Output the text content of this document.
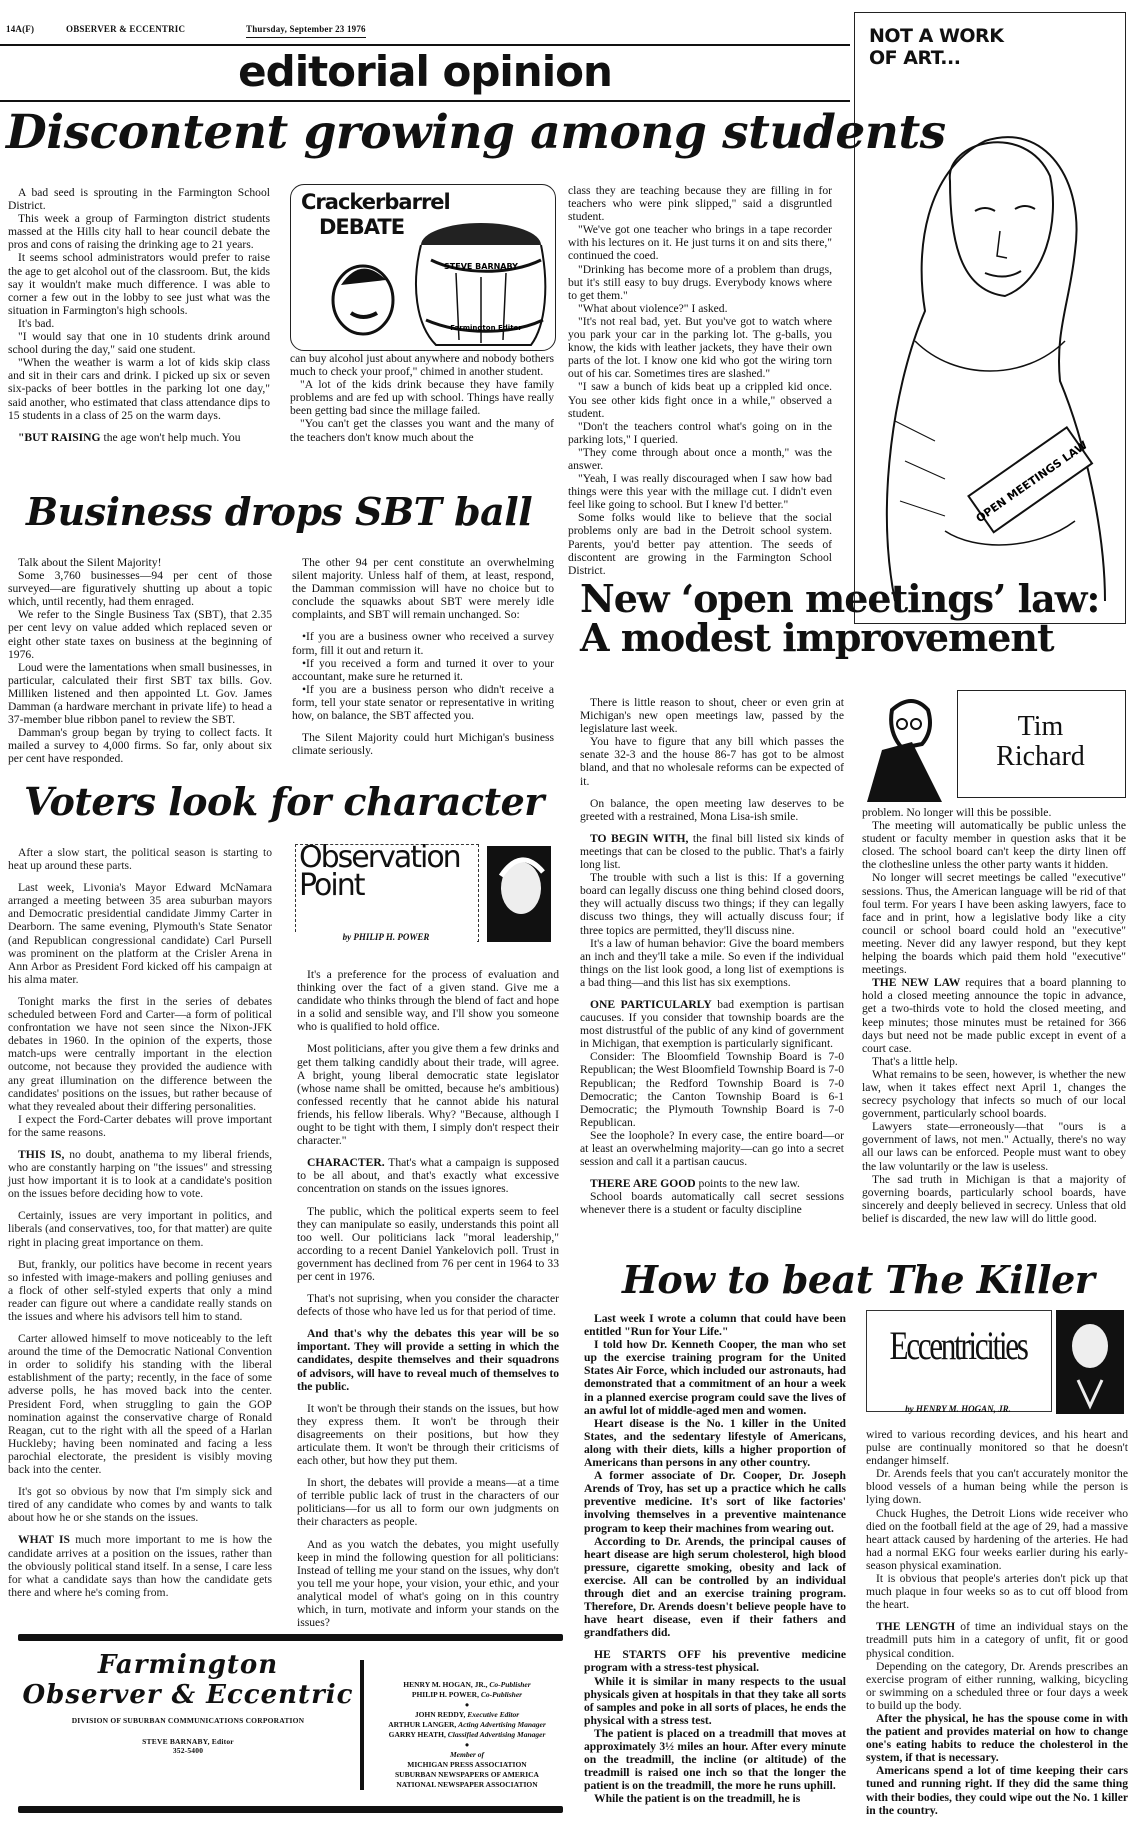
14A(F)	OBSERVER & ECCENTRIC	Thursday, September 23 1976
editorial opinion
NOT A WORK
OF ART...
OPEN MEETINGS LAW
Discontent growing among students

A bad seed is sprouting in the Farmington School District.

This week a group of Farmington district students massed at the Hills city hall to hear council debate the pros and cons of raising the drinking age to 21 years.

It seems school administrators would prefer to raise the age to get alcohol out of the classroom. But, the kids say it wouldn't make much difference. I was able to corner a few out in the lobby to see just what was the situation in Farmington's high schools.

It's bad.

"I would say that one in 10 students drink around school during the day," said one student.

"When the weather is warm a lot of kids skip class and sit in their cars and drink. I picked up six or seven six-packs of beer bottles in the parking lot one day," said another, who estimated that class attendance dips to 15 students in a class of 25 on the warm days.

"BUT RAISING the age won't help much. You

Crackerbarrel
DEBATE
STEVE BARNABY
Farmington Editor

can buy alcohol just about anywhere and nobody bothers much to check your proof," chimed in another student.

"A lot of the kids drink because they have family problems and are fed up with school. Things have really been getting bad since the millage failed.

"You can't get the classes you want and the many of the teachers don't know much about the

class they are teaching because they are filling in for teachers who were pink slipped," said a disgruntled student.

"We've got one teacher who brings in a tape recorder with his lectures on it. He just turns it on and sits there," continued the coed.

"Drinking has become more of a problem than drugs, but it's still easy to buy drugs. Everybody knows where to get them."

"What about violence?" I asked.

"It's not real bad, yet. But you've got to watch where you park your car in the parking lot. The g-balls, you know, the kids with leather jackets, they have their own parts of the lot. I know one kid who got the wiring torn out of his car. Sometimes tires are slashed."

"I saw a bunch of kids beat up a crippled kid once. You see other kids fight once in a while," observed a student.

"Don't the teachers control what's going on in the parking lots," I queried.

"They come through about once a month," was the answer.

"Yeah, I was really discouraged when I saw how bad things were this year with the millage cut. I didn't even feel like going to school. But I knew I'd better."

Some folks would like to believe that the social problems only are bad in the Detroit school system. Parents, you'd better pay attention. The seeds of discontent are growing in the Farmington School District.

Business drops SBT ball

Talk about the Silent Majority!

Some 3,760 businesses—94 per cent of those surveyed—are figuratively shutting up about a topic which, until recently, had them enraged.

We refer to the Single Business Tax (SBT), that 2.35 per cent levy on value added which replaced seven or eight other state taxes on business at the beginning of 1976.

Loud were the lamentations when small businesses, in particular, calculated their first SBT tax bills. Gov. Milliken listened and then appointed Lt. Gov. James Damman (a hardware merchant in private life) to head a 37-member blue ribbon panel to review the SBT.

Damman's group began by trying to collect facts. It mailed a survey to 4,000 firms. So far, only about six per cent have responded.

The other 94 per cent constitute an overwhelming silent majority. Unless half of them, at least, respond, the Damman commission will have no choice but to conclude the squawks about SBT were merely idle complaints, and SBT will remain unchanged. So:

•If you are a business owner who received a survey form, fill it out and return it.

•If you received a form and turned it over to your accountant, make sure he returned it.

•If you are a business person who didn't receive a form, tell your state senator or representative in writing how, on balance, the SBT affected you.

The Silent Majority could hurt Michigan's business climate seriously.

Voters look for character

After a slow start, the political season is starting to heat up around these parts.

Last week, Livonia's Mayor Edward McNamara arranged a meeting between 35 area suburban mayors and Democratic presidential candidate Jimmy Carter in Dearborn. The same evening, Plymouth's State Senator (and Republican congressional candidate) Carl Pursell was prominent on the platform at the Crisler Arena in Ann Arbor as President Ford kicked off his campaign at his alma mater.

Tonight marks the first in the series of debates scheduled between Ford and Carter—a form of political confrontation we have not seen since the Nixon-JFK debates in 1960. In the opinion of the experts, those match-ups were centrally important in the election outcome, not because they provided the audience with any great illumination on the difference between the candidates' positions on the issues, but rather because of what they revealed about their differing personalities.

I expect the Ford-Carter debates will prove important for the same reasons.

THIS IS, no doubt, anathema to my liberal friends, who are constantly harping on "the issues" and stressing just how important it is to look at a candidate's position on the issues before deciding how to vote.

Certainly, issues are very important in politics, and liberals (and conservatives, too, for that matter) are quite right in placing great importance on them.

But, frankly, our politics have become in recent years so infested with image-makers and polling geniuses and a flock of other self-styled experts that only a mind reader can figure out where a candidate really stands on the issues and where his advisors tell him to stand.

Carter allowed himself to move noticeably to the left around the time of the Democratic National Convention in order to solidify his standing with the liberal establishment of the party; recently, in the face of some adverse polls, he has moved back into the center. President Ford, when struggling to gain the GOP nomination against the conservative charge of Ronald Reagan, cut to the right with all the speed of a Harlan Huckleby; having been nominated and facing a less parochial electorate, the president is visibly moving back into the center.

It's got so obvious by now that I'm simply sick and tired of any candidate who comes by and wants to talk about how he or she stands on the issues.

WHAT IS much more important to me is how the candidate arrives at a position on the issues, rather than the obviously political stand itself. In a sense, I care less for what a candidate says than how the candidate gets there and where he's coming from.

Observation
Point
by PHILIP H. POWER

It's a preference for the process of evaluation and thinking over the fact of a given stand. Give me a candidate who thinks through the blend of fact and hope in a solid and sensible way, and I'll show you someone who is qualified to hold office.

Most politicians, after you give them a few drinks and get them talking candidly about their trade, will agree. A bright, young liberal democratic state legislator (whose name shall be omitted, because he's ambitious) confessed recently that he cannot abide his natural friends, his fellow liberals. Why? "Because, although I ought to be tight with them, I simply don't respect their character."

CHARACTER. That's what a campaign is supposed to be all about, and that's exactly what excessive concentration on stands on the issues ignores.

The public, which the political experts seem to feel they can manipulate so easily, understands this point all too well. Our politicians lack "moral leadership," according to a recent Daniel Yankelovich poll. Trust in government has declined from 76 per cent in 1964 to 33 per cent in 1976.

That's not suprising, when you consider the character defects of those who have led us for that period of time.

And that's why the debates this year will be so important. They will provide a setting in which the candidates, despite themselves and their squadrons of advisors, will have to reveal much of themselves to the public.

It won't be through their stands on the issues, but how they express them. It won't be through their disagreements on their positions, but how they articulate them. It won't be through their criticisms of each other, but how they put them.

In short, the debates will provide a means—at a time of terrible public lack of trust in the characters of our politicians—for us all to form our own judgments on their characters as people.

And as you watch the debates, you might usefully keep in mind the following question for all politicians: Instead of telling me your stand on the issues, why don't you tell me your hope, your vision, your ethic, and your analytical model of what's going on in this country which, in turn, motivate and inform your stands on the issues?

New ‘open meetings’ law:
A modest improvement

There is little reason to shout, cheer or even grin at Michigan's new open meetings law, passed by the legislature last week.

You have to figure that any bill which passes the senate 32-3 and the house 86-7 has got to be almost bland, and that no wholesale reforms can be expected of it.

On balance, the open meeting law deserves to be greeted with a restrained, Mona Lisa-ish smile.

TO BEGIN WITH, the final bill listed six kinds of meetings that can be closed to the public. That's a fairly long list.

The trouble with such a list is this: If a governing board can legally discuss one thing behind closed doors, they will actually discuss two things; if they can legally discuss two things, they will actually discuss four; if three topics are permitted, they'll discuss nine.

It's a law of human behavior: Give the board members an inch and they'll take a mile. So even if the individual things on the list look good, a long list of exemptions is a bad thing—and this list has six exemptions.

ONE PARTICULARLY bad exemption is partisan caucuses. If you consider that township boards are the most distrustful of the public of any kind of government in Michigan, that exemption is particularly significant.

Consider: The Bloomfield Township Board is 7-0 Republican; the West Bloomfield Township Board is 7-0 Republican; the Redford Township Board is 7-0 Democratic; the Canton Township Board is 6-1 Democratic; the Plymouth Township Board is 7-0 Republican.

See the loophole? In every case, the entire board—or at least an overwhelming majority—can go into a secret session and call it a partisan caucus.

THERE ARE GOOD points to the new law.

School boards automatically call secret sessions whenever there is a student or faculty discipline

Tim
Richard

problem. No longer will this be possible.

The meeting will automatically be public unless the student or faculty member in question asks that it be closed. The school board can't keep the dirty linen off the clothesline unless the other party wants it hidden.

No longer will secret meetings be called "executive" sessions. Thus, the American language will be rid of that foul term. For years I have been asking lawyers, face to face and in print, how a legislative body like a city council or school board could hold an "executive" meeting. Never did any lawyer respond, but they kept helping the boards which paid them hold "executive" meetings.

THE NEW LAW requires that a board planning to hold a closed meeting announce the topic in advance, get a two-thirds vote to hold the closed meeting, and keep minutes; those minutes must be retained for 366 days but need not be made public except in event of a court case.

That's a little help.

What remains to be seen, however, is whether the new law, when it takes effect next April 1, changes the secrecy psychology that infects so much of our local government, particularly school boards.

Lawyers state—erroneously—that "ours is a government of laws, not men." Actually, there's no way all our laws can be enforced. People must want to obey the law voluntarily or the law is useless.

The sad truth in Michigan is that a majority of governing boards, particularly school boards, have sincerely and deeply believed in secrecy. Unless that old belief is discarded, the new law will do little good.

How to beat The Killer

Last week I wrote a column that could have been entitled "Run for Your Life."

I told how Dr. Kenneth Cooper, the man who set up the exercise training program for the United States Air Force, which included our astronauts, had demonstrated that a commitment of an hour a week in a planned exercise program could save the lives of an awful lot of middle-aged men and women.

Heart disease is the No. 1 killer in the United States, and the sedentary lifestyle of Americans, along with their diets, kills a higher proportion of Americans than persons in any other country.

A former associate of Dr. Cooper, Dr. Joseph Arends of Troy, has set up a practice which he calls preventive medicine. It's sort of like factories' involving themselves in a preventive maintenance program to keep their machines from wearing out.

According to Dr. Arends, the principal causes of heart disease are high serum cholesterol, high blood pressure, cigarette smoking, obesity and lack of exercise. All can be controlled by an individual through diet and an exercise training program. Therefore, Dr. Arends doesn't believe people have to have heart disease, even if their fathers and grandfathers did.

HE STARTS OFF his preventive medicine program with a stress-test physical.

While it is similar in many respects to the usual physicals given at hospitals in that they take all sorts of samples and poke in all sorts of places, he ends the physical with a stress test.

The patient is placed on a treadmill that moves at approximately 3½ miles an hour. After every minute on the treadmill, the incline (or altitude) of the treadmill is raised one inch so that the longer the patient is on the treadmill, the more he runs uphill.

While the patient is on the treadmill, he is

Eccentricities
by HENRY M. HOGAN, JR.

wired to various recording devices, and his heart and pulse are continually monitored so that he doesn't endanger himself.

Dr. Arends feels that you can't accurately monitor the blood vessels of a human being while the person is lying down.

Chuck Hughes, the Detroit Lions wide receiver who died on the football field at the age of 29, had a massive heart attack caused by hardening of the arteries. He had had a normal EKG four weeks earlier during his early-season physical examination.

It is obvious that people's arteries don't pick up that much plaque in four weeks so as to cut off blood from the heart.

THE LENGTH of time an individual stays on the treadmill puts him in a category of unfit, fit or good physical condition.

Depending on the category, Dr. Arends prescribes an exercise program of either running, walking, bicycling or swimming on a scheduled three or four days a week to build up the body.

After the physical, he has the spouse come in with the patient and provides material on how to change one's eating habits to reduce the cholesterol in the system, if that is necessary.

Americans spend a lot of time keeping their cars tuned and running right. If they did the same thing with their bodies, they could wipe out the No. 1 killer in the country.

Farmington
Observer & Eccentric
DIVISION OF SUBURBAN COMMUNICATIONS CORPORATION
STEVE BARNABY, Editor
352-5400
HENRY M. HOGAN, JR., Co-Publisher
PHILIP H. POWER, Co-Publisher
●
JOHN REDDY, Executive Editor
ARTHUR LANGER, Acting Advertising Manager
GARRY HEATH, Classified Advertising Manager
●
Member of
MICHIGAN PRESS ASSOCIATION
SUBURBAN NEWSPAPERS OF AMERICA
NATIONAL NEWSPAPER ASSOCIATION
